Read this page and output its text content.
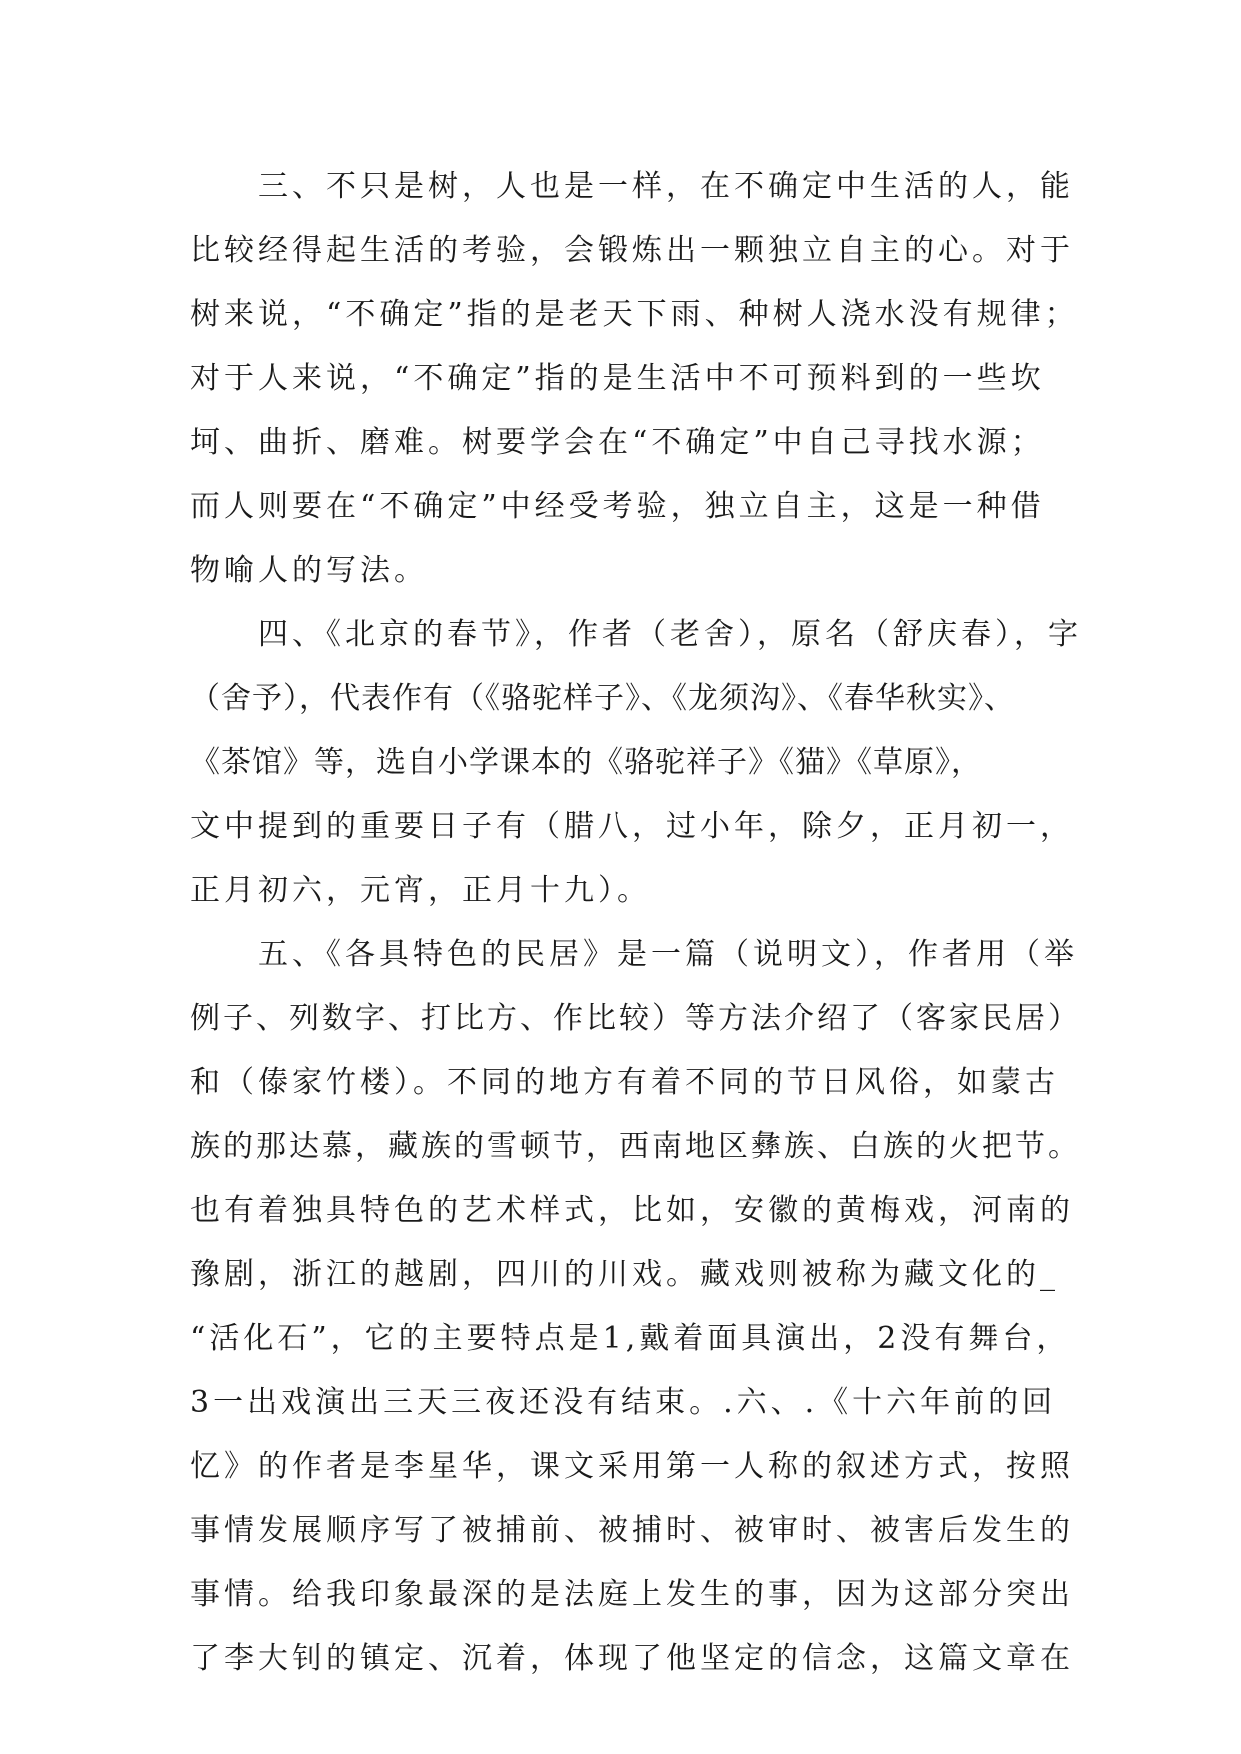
　　三、不只是树，人也是一样，在不确定中生活的人，能
比较经得起生活的考验，会锻炼出一颗独立自主的心。对于
树来说，“不确定”指的是老天下雨、种树人浇水没有规律；
对于人来说，“不确定”指的是生活中不可预料到的一些坎
坷、曲折、磨难。树要学会在“不确定”中自己寻找水源；
而人则要在“不确定”中经受考验，独立自主，这是一种借
物喻人的写法。
　　四、《北京的春节》，作者（老舍），原名（舒庆春），字
（舍予），代表作有（《骆驼样子》、《龙须沟》、《春华秋实》、
《茶馆》等，选自小学课本的《骆驼祥子》《猫》《草原》，
文中提到的重要日子有（腊八，过小年，除夕，正月初一，
正月初六，元宵，正月十九）。
　　五、《各具特色的民居》是一篇（说明文），作者用（举
例子、列数字、打比方、作比较）等方法介绍了（客家民居）
和（傣家竹楼）。不同的地方有着不同的节日风俗，如蒙古
族的那达慕，藏族的雪顿节，西南地区彝族、白族的火把节。
也有着独具特色的艺术样式，比如，安徽的黄梅戏，河南的
豫剧，浙江的越剧，四川的川戏。藏戏则被称为藏文化的_
“活化石”，它的主要特点是1,戴着面具演出，2没有舞台，
3一出戏演出三天三夜还没有结束。.六、.《十六年前的回
忆》的作者是李星华，课文采用第一人称的叙述方式，按照
事情发展顺序写了被捕前、被捕时、被审时、被害后发生的
事情。给我印象最深的是法庭上发生的事，因为这部分突出
了李大钊的镇定、沉着，体现了他坚定的信念，这篇文章在
